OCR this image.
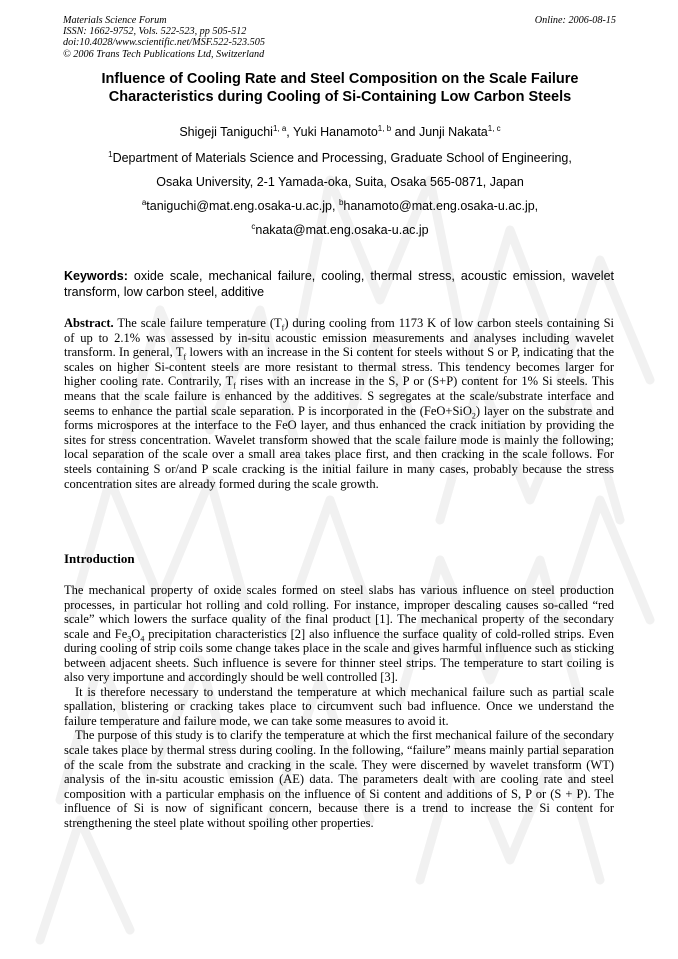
Materials Science Forum
ISSN: 1662-9752, Vols. 522-523, pp 505-512
doi:10.4028/www.scientific.net/MSF.522-523.505
© 2006 Trans Tech Publications Ltd, Switzerland
Online: 2006-08-15
Influence of Cooling Rate and Steel Composition on the Scale Failure
Characteristics during Cooling of Si-Containing Low Carbon Steels
Shigeji Taniguchi$^{1, a}$, Yuki Hanamoto$^{1, b}$ and Junji Nakata$^{1, c}$
$^1$Department of Materials Science and Processing, Graduate School of Engineering,
Osaka University, 2-1 Yamada-oka, Suita, Osaka 565-0871, Japan
$^a$taniguchi@mat.eng.osaka-u.ac.jp, $^b$hanamoto@mat.eng.osaka-u.ac.jp,
$^c$nakata@mat.eng.osaka-u.ac.jp
Keywords: oxide scale, mechanical failure, cooling, thermal stress, acoustic emission, wavelet transform, low carbon steel, additive

Abstract. The scale failure temperature $(T_f)$ during cooling from 1173 K of low carbon steels containing Si of up to 2.1% was assessed by in-situ acoustic emission measurements and analyses including wavelet transform. In general, $T_f$ lowers with an increase in the Si content for steels without S or P, indicating that the scales on higher Si-content steels are more resistant to thermal stress. This tendency becomes larger for higher cooling rate. Contrarily, $T_f$ rises with an increase in the S, P or (S+P) content for 1% Si steels. This means that the scale failure is enhanced by the additives. S segregates at the scale/substrate interface and seems to enhance the partial scale separation. P is incorporated in the (FeO+SiO$_2$) layer on the substrate and forms microspores at the interface to the FeO layer, and thus enhanced the crack initiation by providing the sites for stress concentration. Wavelet transform showed that the scale failure mode is mainly the following; local separation of the scale over a small area takes place first, and then cracking in the scale follows. For steels containing S or/and P scale cracking is the initial failure in many cases, probably because the stress concentration sites are already formed during the scale growth.

Introduction

The mechanical property of oxide scales formed on steel slabs has various influence on steel production processes, in particular hot rolling and cold rolling. For instance, improper descaling causes so-called “red scale” which lowers the surface quality of the final product [1]. The mechanical property of the secondary scale and $Fe_3O_4$ precipitation characteristics [2] also influence the surface quality of cold-rolled strips. Even during cooling of strip coils some change takes place in the scale and gives harmful influence such as sticking between adjacent sheets. Such influence is severe for thinner steel strips. The temperature to start coiling is also very importune and accordingly should be well controlled [3].

It is therefore necessary to understand the temperature at which mechanical failure such as partial scale spallation, blistering or cracking takes place to circumvent such bad influence. Once we understand the failure temperature and failure mode, we can take some measures to avoid it.

The purpose of this study is to clarify the temperature at which the first mechanical failure of the secondary scale takes place by thermal stress during cooling. In the following, “failure” means mainly partial separation of the scale from the substrate and cracking in the scale. They were discerned by wavelet transform (WT) analysis of the in-situ acoustic emission (AE) data. The parameters dealt with are cooling rate and steel composition with a particular emphasis on the influence of Si content and additions of S, P or (S + P). The influence of Si is now of significant concern, because there is a trend to increase the Si content for strengthening the steel plate without spoiling other properties.
